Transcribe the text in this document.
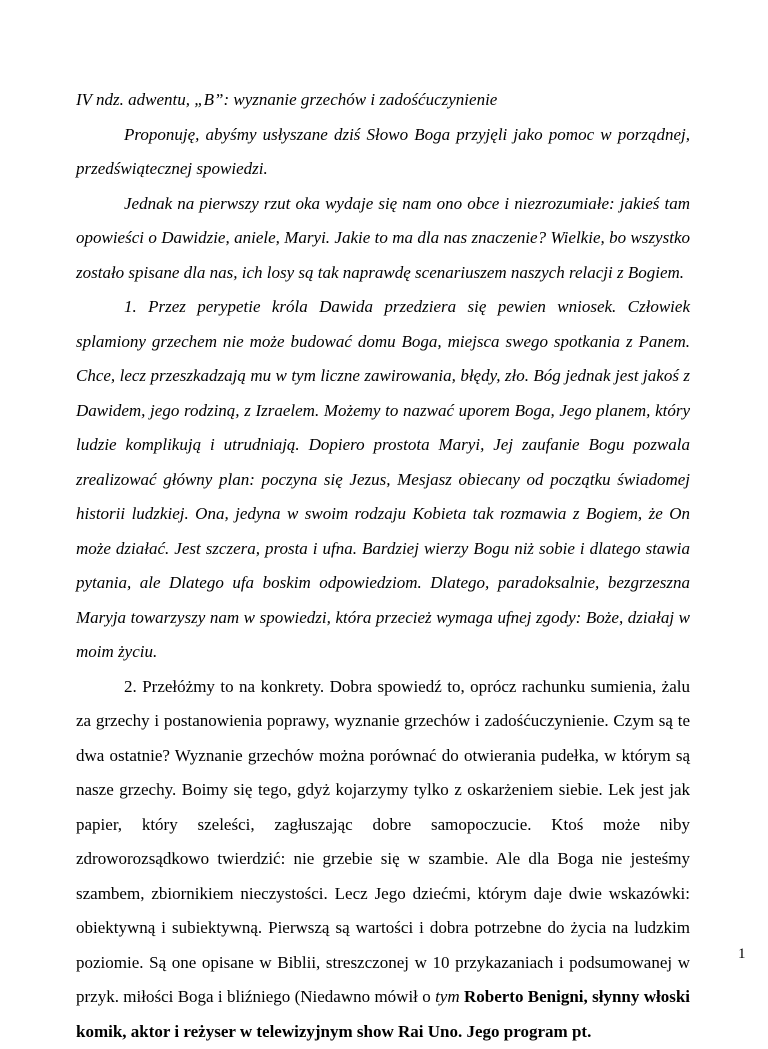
IV ndz. adwentu, „B”: wyznanie grzechów i zadośćuczynienie

Proponuję, abyśmy usłyszane dziś Słowo Boga przyjęli jako pomoc w porządnej, przedświątecznej spowiedzi.

Jednak na pierwszy rzut oka wydaje się nam ono obce i niezrozumiałe: jakieś tam opowieści o Dawidzie, aniele, Maryi. Jakie to ma dla nas znaczenie? Wielkie, bo wszystko zostało spisane dla nas, ich losy są tak naprawdę scenariuszem naszych relacji z Bogiem.

1. Przez perypetie króla Dawida przedziera się pewien wniosek. Człowiek splamiony grzechem nie może budować domu Boga, miejsca swego spotkania z Panem. Chce, lecz przeszkadzają mu w tym liczne zawirowania, błędy, zło. Bóg jednak jest jakoś z Dawidem, jego rodziną, z Izraelem. Możemy to nazwać uporem Boga, Jego planem, który ludzie komplikują i utrudniają. Dopiero prostota Maryi, Jej zaufanie Bogu pozwala zrealizować główny plan: poczyna się Jezus, Mesjasz obiecany od początku świadomej historii ludzkiej. Ona, jedyna w swoim rodzaju Kobieta tak rozmawia z Bogiem, że On może działać. Jest szczera, prosta i ufna. Bardziej wierzy Bogu niż sobie i dlatego stawia pytania, ale Dlatego ufa boskim odpowiedziom. Dlatego, paradoksalnie, bezgrzeszna Maryja towarzyszy nam w spowiedzi, która przecież wymaga ufnej zgody: Boże, działaj w moim życiu.

2. Przełóżmy to na konkrety. Dobra spowiedź to, oprócz rachunku sumienia, żalu za grzechy i postanowienia poprawy, wyznanie grzechów i zadośćuczynienie. Czym są te dwa ostatnie? Wyznanie grzechów można porównać do otwierania pudełka, w którym są nasze grzechy. Boimy się tego, gdyż kojarzymy tylko z oskarżeniem siebie. Lek jest jak papier, który szeleści, zagłuszając dobre samopoczucie. Ktoś może niby zdroworozsądkowo twierdzić: nie grzebie się w szambie. Ale dla Boga nie jesteśmy szambem, zbiornikiem nieczystości. Lecz Jego dziećmi, którym daje dwie wskazówki: obiektywną i subiektywną. Pierwszą są wartości i dobra potrzebne do życia na ludzkim poziomie. Są one opisane w Biblii, streszczonej w 10 przykazaniach i podsumowanej w przyk. miłości Boga i bliźniego (Niedawno mówił o tym Roberto Benigni, słynny włoski komik, aktor i reżyser w telewizyjnym show Rai Uno. Jego program pt.

1
